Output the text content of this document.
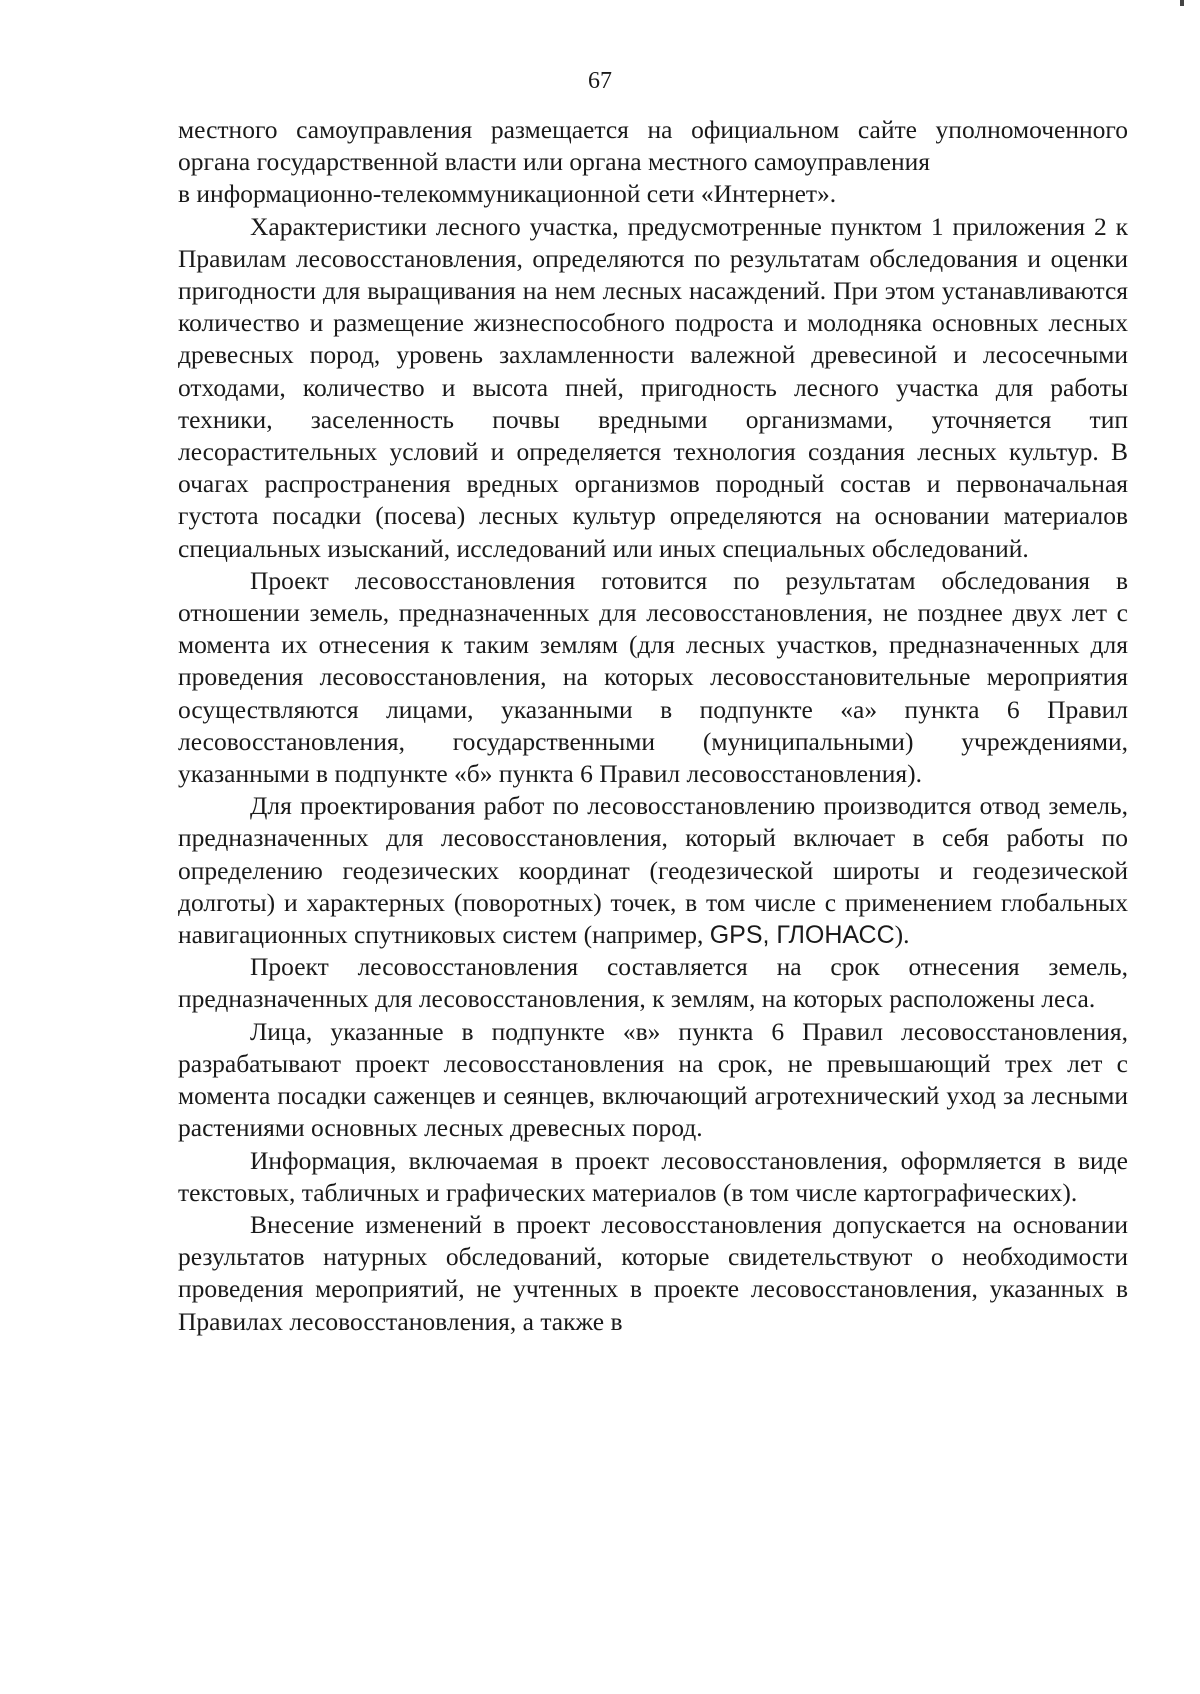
67

местного самоуправления размещается на официальном сайте уполномоченного органа государственной власти или органа местного самоуправления

в информационно-телекоммуникационной сети «Интернет».

Характеристики лесного участка, предусмотренные пунктом 1 приложения 2 к Правилам лесовосстановления, определяются по результатам обследования и оценки пригодности для выращивания на нем лесных насаждений. При этом устанавливаются количество и размещение жизнеспособного подроста и молодняка основных лесных древесных пород, уровень захламленности валежной древесиной и лесосечными отходами, количество и высота пней, пригодность лесного участка для работы техники, заселенность почвы вредными организмами, уточняется тип лесорастительных условий и определяется технология создания лесных культур. В очагах распространения вредных организмов породный состав и первоначальная густота посадки (посева) лесных культур определяются на основании материалов специальных изысканий, исследований или иных специальных обследований.

Проект лесовосстановления готовится по результатам обследования в отношении земель, предназначенных для лесовосстановления, не позднее двух лет с момента их отнесения к таким землям (для лесных участков, предназначенных для проведения лесовосстановления, на которых лесовосстановительные мероприятия осуществляются лицами, указанными в подпункте «а» пункта 6 Правил лесовосстановления, государственными (муниципальными) учреждениями, указанными в подпункте «б» пункта 6 Правил лесовосстановления).

Для проектирования работ по лесовосстановлению производится отвод земель, предназначенных для лесовосстановления, который включает в себя работы по определению геодезических координат (геодезической широты и геодезической долготы) и характерных (поворотных) точек, в том числе с применением глобальных навигационных спутниковых систем (например, GPS, ГЛОНАСС).

Проект лесовосстановления составляется на срок отнесения земель, предназначенных для лесовосстановления, к землям, на которых расположены леса.

Лица, указанные в подпункте «в» пункта 6 Правил лесовосстановления, разрабатывают проект лесовосстановления на срок, не превышающий трех лет с момента посадки саженцев и сеянцев, включающий агротехнический уход за лесными растениями основных лесных древесных пород.

Информация, включаемая в проект лесовосстановления, оформляется в виде текстовых, табличных и графических материалов (в том числе картографических).

Внесение изменений в проект лесовосстановления допускается на основании результатов натурных обследований, которые свидетельствуют о необходимости проведения мероприятий, не учтенных в проекте лесовосстановления, указанных в Правилах лесовосстановления, а также в
